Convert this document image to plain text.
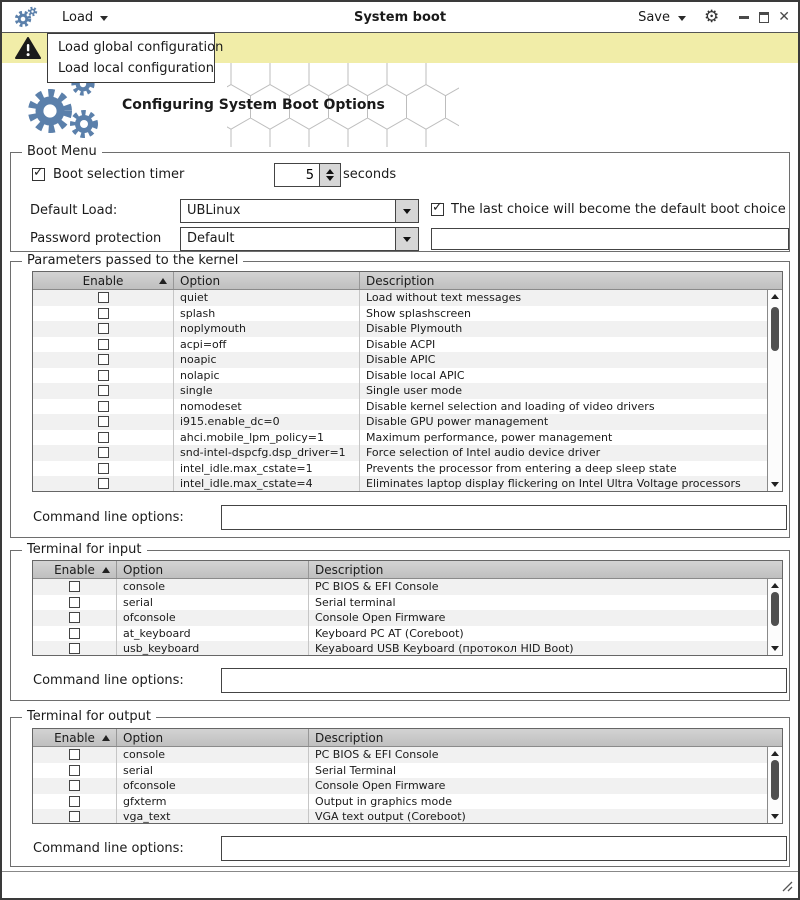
Load	System boot	Save ⚙	✕
Load global configuration
Load local configuration
Configuring System Boot Options
Boot Menu
✓
Boot selection timer
5	seconds
Default Load:	UBLinux ✓	The last choice will become the default boot choice
Password protection	Default
Parameters passed to the kernel
Enable	Option	Description
quiet	Load without text messages
splash	Show splashscreen
noplymouth	Disable Plymouth
acpi=off	Disable ACPI
noapic	Disable APIC
nolapic	Disable local APIC
single	Single user mode
nomodeset	Disable kernel selection and loading of video drivers
i915.enable_dc=0	Disable GPU power management
ahci.mobile_lpm_policy=1	Maximum performance, power management
snd-intel-dspcfg.dsp_driver=1	Force selection of Intel audio device driver
intel_idle.max_cstate=1	Prevents the processor from entering a deep sleep state
intel_idle.max_cstate=4	Eliminates laptop display flickering on Intel Ultra Voltage processors
Command line options:
Terminal for input
Enable	Option	Description
console	PC BIOS & EFI Console
serial	Serial terminal
ofconsole	Console Open Firmware
at_keyboard	Keyboard PC AT (Coreboot)
usb_keyboard	Keyaboard USB Keyboard (протокол HID Boot)
Command line options:
Terminal for output
Enable	Option	Description
console	PC BIOS & EFI Console
serial	Serial Terminal
ofconsole	Console Open Firmware
gfxterm	Output in graphics mode
vga_text	VGA text output (Coreboot)
Command line options:
